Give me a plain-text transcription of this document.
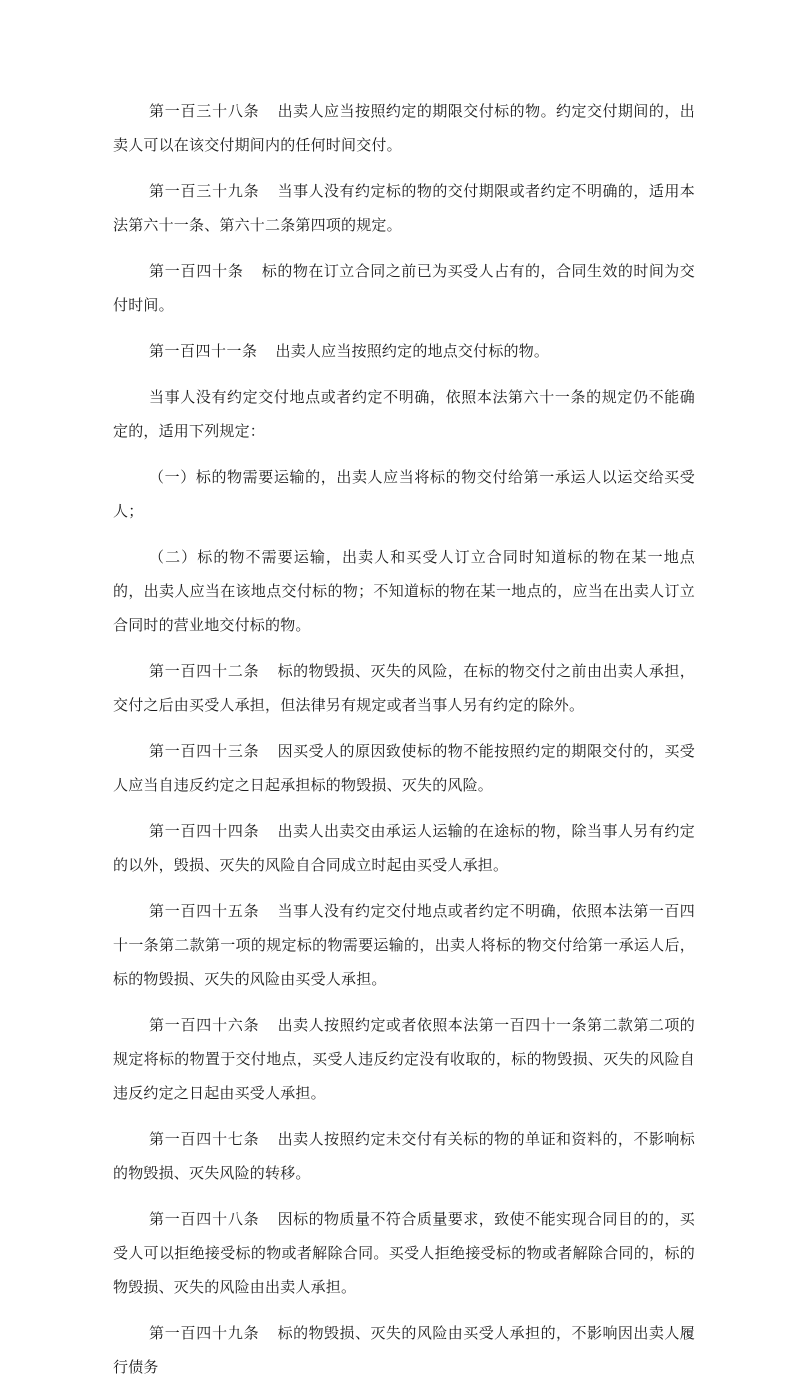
第一百三十八条 出卖人应当按照约定的期限交付标的物。约定交付期间的，出卖人可以在该交付期间内的任何时间交付。

第一百三十九条 当事人没有约定标的物的交付期限或者约定不明确的，适用本法第六十一条、第六十二条第四项的规定。

第一百四十条 标的物在订立合同之前已为买受人占有的，合同生效的时间为交付时间。

第一百四十一条 出卖人应当按照约定的地点交付标的物。

当事人没有约定交付地点或者约定不明确，依照本法第六十一条的规定仍不能确定的，适用下列规定：

（一）标的物需要运输的，出卖人应当将标的物交付给第一承运人以运交给买受人；

（二）标的物不需要运输，出卖人和买受人订立合同时知道标的物在某一地点的，出卖人应当在该地点交付标的物；不知道标的物在某一地点的，应当在出卖人订立合同时的营业地交付标的物。

第一百四十二条 标的物毁损、灭失的风险，在标的物交付之前由出卖人承担，交付之后由买受人承担，但法律另有规定或者当事人另有约定的除外。

第一百四十三条 因买受人的原因致使标的物不能按照约定的期限交付的，买受人应当自违反约定之日起承担标的物毁损、灭失的风险。

第一百四十四条 出卖人出卖交由承运人运输的在途标的物，除当事人另有约定的以外，毁损、灭失的风险自合同成立时起由买受人承担。

第一百四十五条 当事人没有约定交付地点或者约定不明确，依照本法第一百四十一条第二款第一项的规定标的物需要运输的，出卖人将标的物交付给第一承运人后，标的物毁损、灭失的风险由买受人承担。

第一百四十六条 出卖人按照约定或者依照本法第一百四十一条第二款第二项的规定将标的物置于交付地点，买受人违反约定没有收取的，标的物毁损、灭失的风险自违反约定之日起由买受人承担。

第一百四十七条 出卖人按照约定未交付有关标的物的单证和资料的，不影响标的物毁损、灭失风险的转移。

第一百四十八条 因标的物质量不符合质量要求，致使不能实现合同目的的，买受人可以拒绝接受标的物或者解除合同。买受人拒绝接受标的物或者解除合同的，标的物毁损、灭失的风险由出卖人承担。

第一百四十九条 标的物毁损、灭失的风险由买受人承担的，不影响因出卖人履行债务
